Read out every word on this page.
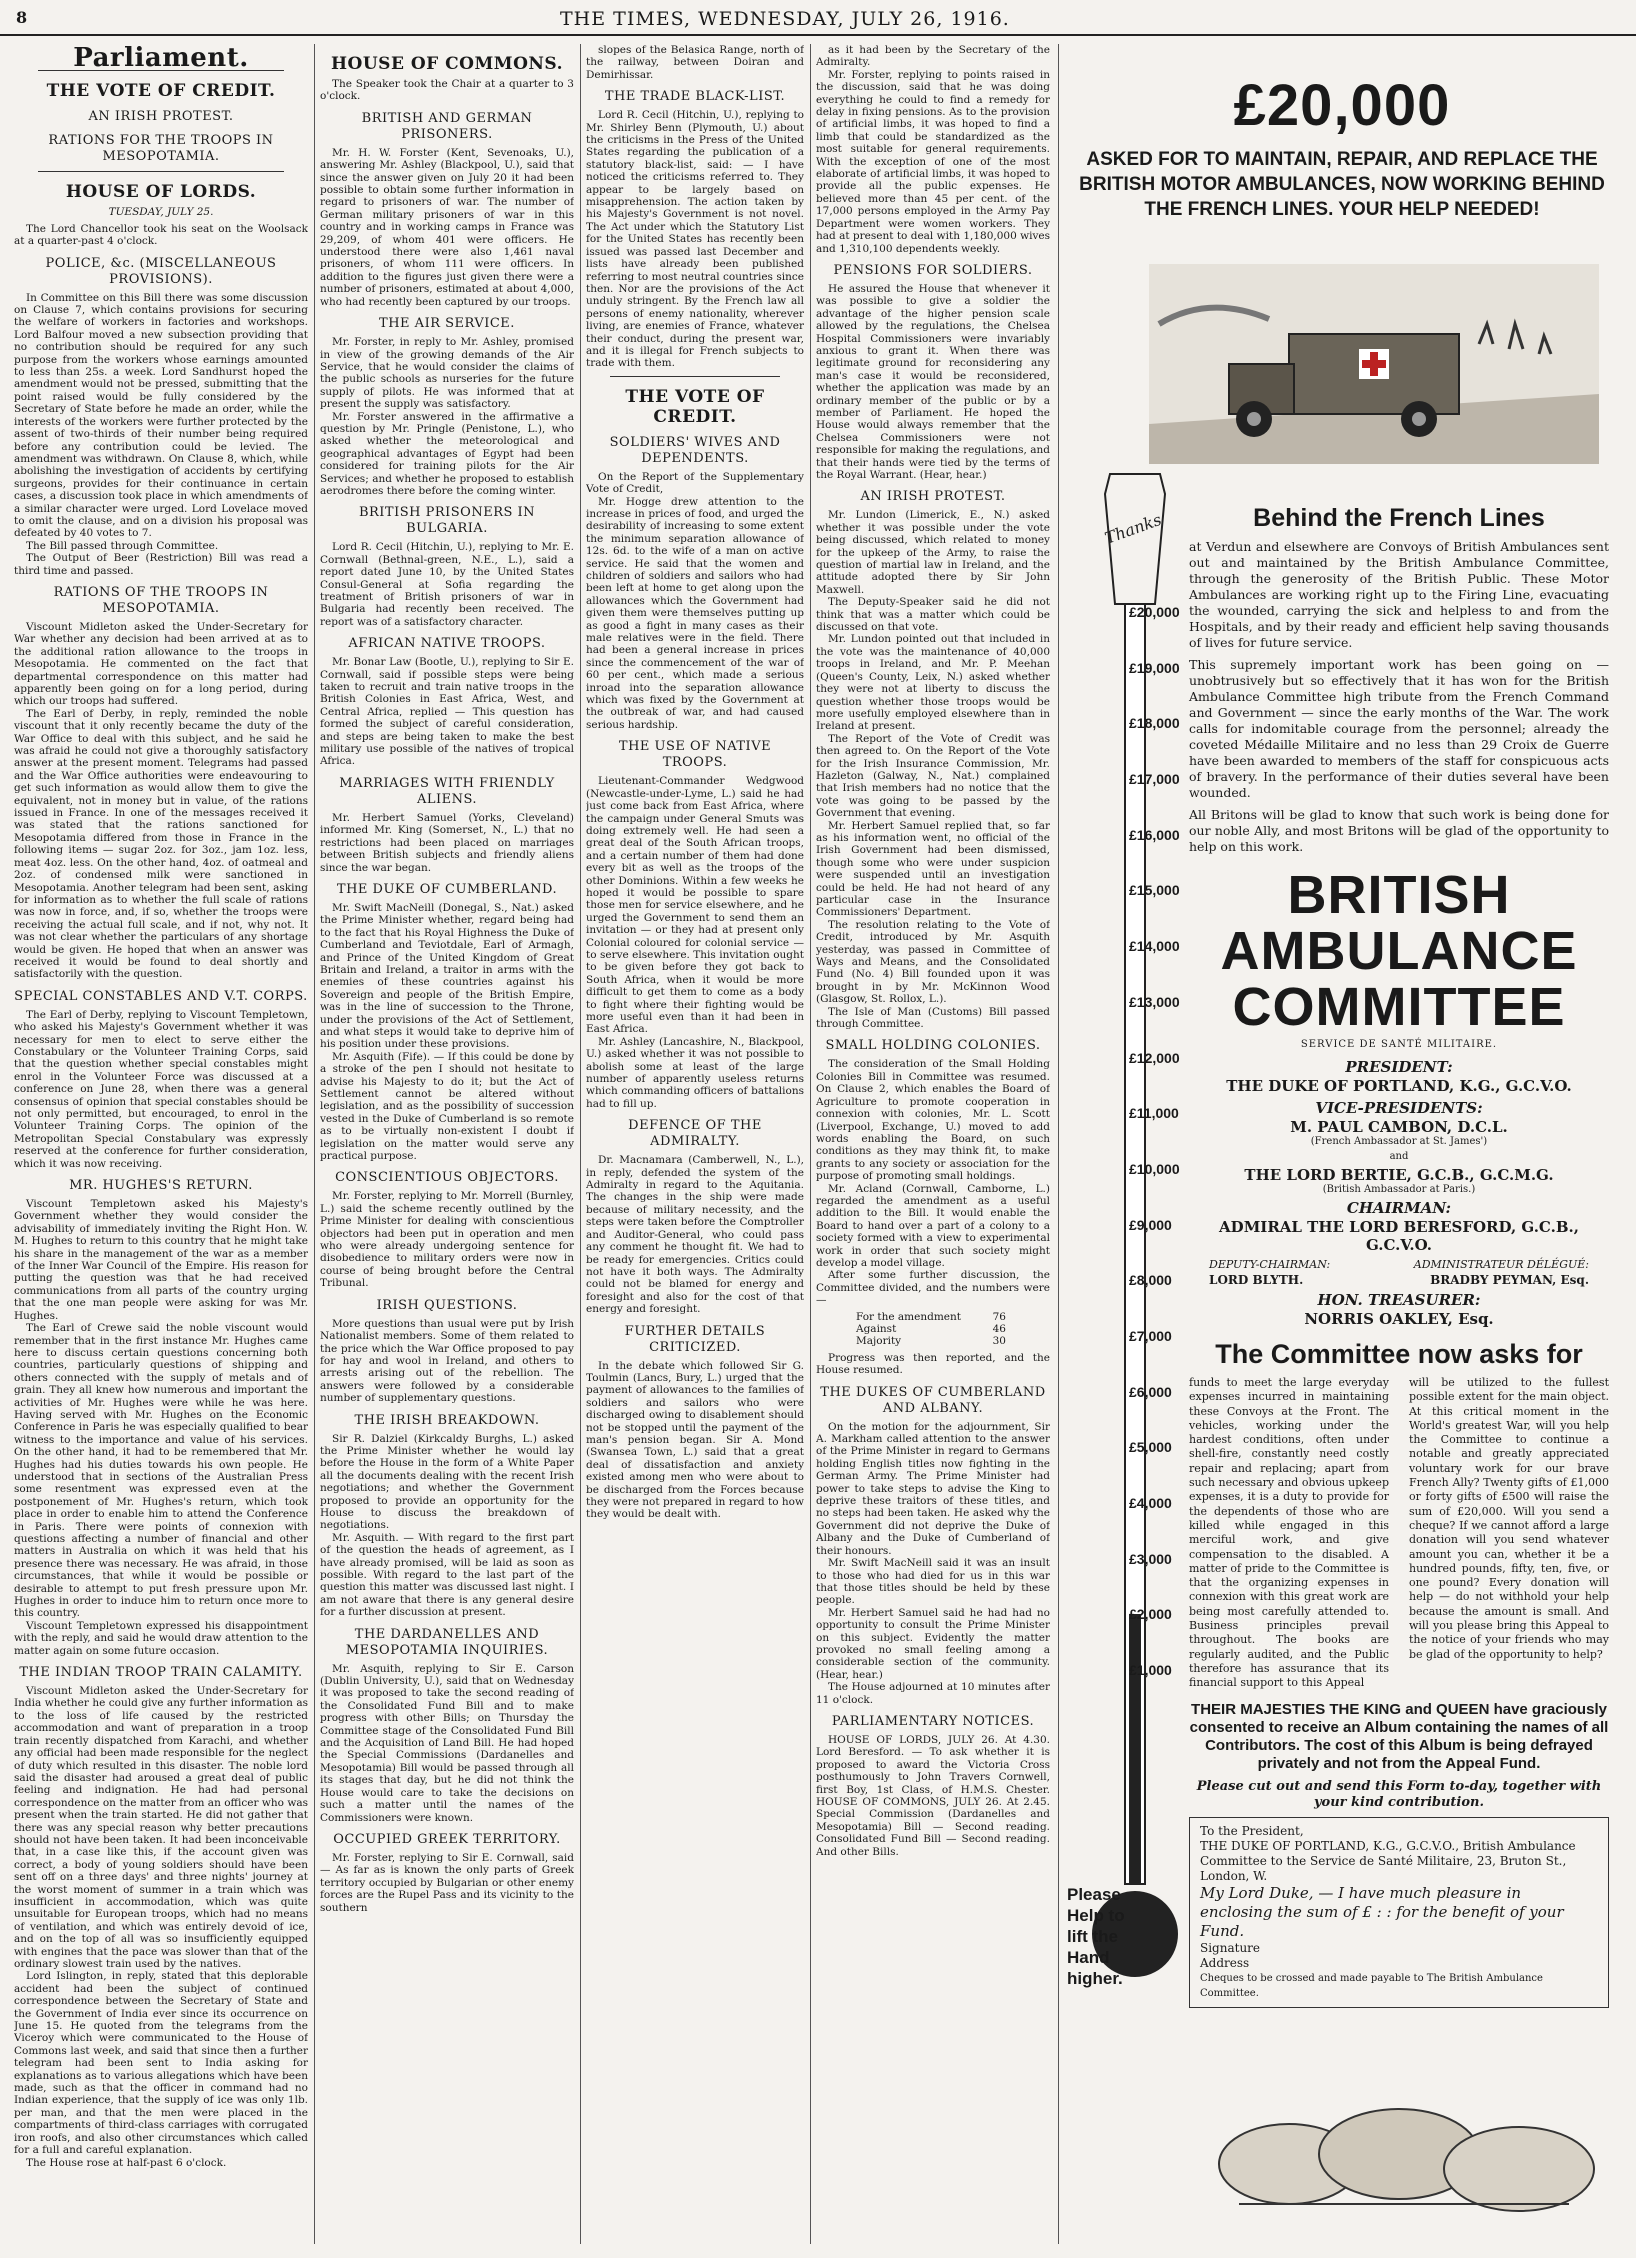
8	THE TIMES, WEDNESDAY, JULY 26, 1916.
Parliament.
THE VOTE OF CREDIT.
AN IRISH PROTEST.
RATIONS FOR THE TROOPS IN MESOPOTAMIA.
HOUSE OF LORDS.
TUESDAY, JULY 25.

The Lord Chancellor took his seat on the Woolsack at a quarter-past 4 o'clock.

POLICE, &c. (MISCELLANEOUS PROVISIONS).

In Committee on this Bill there was some discussion on Clause 7, which contains provisions for securing the welfare of workers in factories and workshops. Lord Balfour moved a new subsection providing that no contribution should be required for any such purpose from the workers whose earnings amounted to less than 25s. a week. Lord Sandhurst hoped the amendment would not be pressed, submitting that the point raised would be fully considered by the Secretary of State before he made an order, while the interests of the workers were further protected by the assent of two-thirds of their number being required before any contribution could be levied. The amendment was withdrawn. On Clause 8, which, while abolishing the investigation of accidents by certifying surgeons, provides for their continuance in certain cases, a discussion took place in which amendments of a similar character were urged. Lord Lovelace moved to omit the clause, and on a division his proposal was defeated by 40 votes to 7.

The Bill passed through Committee.

The Output of Beer (Restriction) Bill was read a third time and passed.

RATIONS OF THE TROOPS IN MESOPOTAMIA.

Viscount Midleton asked the Under-Secretary for War whether any decision had been arrived at as to the additional ration allowance to the troops in Mesopotamia. He commented on the fact that departmental correspondence on this matter had apparently been going on for a long period, during which our troops had suffered.

The Earl of Derby, in reply, reminded the noble viscount that it only recently became the duty of the War Office to deal with this subject, and he said he was afraid he could not give a thoroughly satisfactory answer at the present moment. Telegrams had passed and the War Office authorities were endeavouring to get such information as would allow them to give the equivalent, not in money but in value, of the rations issued in France. In one of the messages received it was stated that the rations sanctioned for Mesopotamia differed from those in France in the following items — sugar 2oz. for 3oz., jam 1oz. less, meat 4oz. less. On the other hand, 4oz. of oatmeal and 2oz. of condensed milk were sanctioned in Mesopotamia. Another telegram had been sent, asking for information as to whether the full scale of rations was now in force, and, if so, whether the troops were receiving the actual full scale, and if not, why not. It was not clear whether the particulars of any shortage would be given. He hoped that when an answer was received it would be found to deal shortly and satisfactorily with the question.

SPECIAL CONSTABLES AND V.T. CORPS.

The Earl of Derby, replying to Viscount Templetown, who asked his Majesty's Government whether it was necessary for men to elect to serve either the Constabulary or the Volunteer Training Corps, said that the question whether special constables might enrol in the Volunteer Force was discussed at a conference on June 28, when there was a general consensus of opinion that special constables should be not only permitted, but encouraged, to enrol in the Volunteer Training Corps. The opinion of the Metropolitan Special Constabulary was expressly reserved at the conference for further consideration, which it was now receiving.

MR. HUGHES'S RETURN.

Viscount Templetown asked his Majesty's Government whether they would consider the advisability of immediately inviting the Right Hon. W. M. Hughes to return to this country that he might take his share in the management of the war as a member of the Inner War Council of the Empire. His reason for putting the question was that he had received communications from all parts of the country urging that the one man people were asking for was Mr. Hughes.

The Earl of Crewe said the noble viscount would remember that in the first instance Mr. Hughes came here to discuss certain questions concerning both countries, particularly questions of shipping and others connected with the supply of metals and of grain. They all knew how numerous and important the activities of Mr. Hughes were while he was here. Having served with Mr. Hughes on the Economic Conference in Paris he was especially qualified to bear witness to the importance and value of his services. On the other hand, it had to be remembered that Mr. Hughes had his duties towards his own people. He understood that in sections of the Australian Press some resentment was expressed even at the postponement of Mr. Hughes's return, which took place in order to enable him to attend the Conference in Paris. There were points of connexion with questions affecting a number of financial and other matters in Australia on which it was held that his presence there was necessary. He was afraid, in those circumstances, that while it would be possible or desirable to attempt to put fresh pressure upon Mr. Hughes in order to induce him to return once more to this country.

Viscount Templetown expressed his disappointment with the reply, and said he would draw attention to the matter again on some future occasion.

THE INDIAN TROOP TRAIN CALAMITY.

Viscount Midleton asked the Under-Secretary for India whether he could give any further information as to the loss of life caused by the restricted accommodation and want of preparation in a troop train recently dispatched from Karachi, and whether any official had been made responsible for the neglect of duty which resulted in this disaster. The noble lord said the disaster had aroused a great deal of public feeling and indignation. He had had personal correspondence on the matter from an officer who was present when the train started. He did not gather that there was any special reason why better precautions should not have been taken. It had been inconceivable that, in a case like this, if the account given was correct, a body of young soldiers should have been sent off on a three days' and three nights' journey at the worst moment of summer in a train which was insufficient in accommodation, which was quite unsuitable for European troops, which had no means of ventilation, and which was entirely devoid of ice, and on the top of all was so insufficiently equipped with engines that the pace was slower than that of the ordinary slowest train used by the natives.

Lord Islington, in reply, stated that this deplorable accident had been the subject of continued correspondence between the Secretary of State and the Government of India ever since its occurrence on June 15. He quoted from the telegrams from the Viceroy which were communicated to the House of Commons last week, and said that since then a further telegram had been sent to India asking for explanations as to various allegations which have been made, such as that the officer in command had no Indian experience, that the supply of ice was only 1lb. per man, and that the men were placed in the compartments of third-class carriages with corrugated iron roofs, and also other circumstances which called for a full and careful explanation.

The House rose at half-past 6 o'clock.

HOUSE OF COMMONS.

The Speaker took the Chair at a quarter to 3 o'clock.

BRITISH AND GERMAN PRISONERS.

Mr. H. W. Forster (Kent, Sevenoaks, U.), answering Mr. Ashley (Blackpool, U.), said that since the answer given on July 20 it had been possible to obtain some further information in regard to prisoners of war. The number of German military prisoners of war in this country and in working camps in France was 29,209, of whom 401 were officers. He understood there were also 1,461 naval prisoners, of whom 111 were officers. In addition to the figures just given there were a number of prisoners, estimated at about 4,000, who had recently been captured by our troops.

THE AIR SERVICE.

Mr. Forster, in reply to Mr. Ashley, promised in view of the growing demands of the Air Service, that he would consider the claims of the public schools as nurseries for the future supply of pilots. He was informed that at present the supply was satisfactory.

Mr. Forster answered in the affirmative a question by Mr. Pringle (Penistone, L.), who asked whether the meteorological and geographical advantages of Egypt had been considered for training pilots for the Air Services; and whether he proposed to establish aerodromes there before the coming winter.

BRITISH PRISONERS IN BULGARIA.

Lord R. Cecil (Hitchin, U.), replying to Mr. E. Cornwall (Bethnal-green, N.E., L.), said a report dated June 10, by the United States Consul-General at Sofia regarding the treatment of British prisoners of war in Bulgaria had recently been received. The report was of a satisfactory character.

AFRICAN NATIVE TROOPS.

Mr. Bonar Law (Bootle, U.), replying to Sir E. Cornwall, said if possible steps were being taken to recruit and train native troops in the British Colonies in East Africa, West, and Central Africa, replied — This question has formed the subject of careful consideration, and steps are being taken to make the best military use possible of the natives of tropical Africa.

MARRIAGES WITH FRIENDLY ALIENS.

Mr. Herbert Samuel (Yorks, Cleveland) informed Mr. King (Somerset, N., L.) that no restrictions had been placed on marriages between British subjects and friendly aliens since the war began.

THE DUKE OF CUMBERLAND.

Mr. Swift MacNeill (Donegal, S., Nat.) asked the Prime Minister whether, regard being had to the fact that his Royal Highness the Duke of Cumberland and Teviotdale, Earl of Armagh, and Prince of the United Kingdom of Great Britain and Ireland, a traitor in arms with the enemies of these countries against his Sovereign and people of the British Empire, was in the line of succession to the Throne, under the provisions of the Act of Settlement, and what steps it would take to deprive him of his position under these provisions.

Mr. Asquith (Fife). — If this could be done by a stroke of the pen I should not hesitate to advise his Majesty to do it; but the Act of Settlement cannot be altered without legislation, and as the possibility of succession vested in the Duke of Cumberland is so remote as to be virtually non-existent I doubt if legislation on the matter would serve any practical purpose.

CONSCIENTIOUS OBJECTORS.

Mr. Forster, replying to Mr. Morrell (Burnley, L.) said the scheme recently outlined by the Prime Minister for dealing with conscientious objectors had been put in operation and men who were already undergoing sentence for disobedience to military orders were now in course of being brought before the Central Tribunal.

IRISH QUESTIONS.

More questions than usual were put by Irish Nationalist members. Some of them related to the price which the War Office proposed to pay for hay and wool in Ireland, and others to arrests arising out of the rebellion. The answers were followed by a considerable number of supplementary questions.

THE IRISH BREAKDOWN.

Sir R. Dalziel (Kirkcaldy Burghs, L.) asked the Prime Minister whether he would lay before the House in the form of a White Paper all the documents dealing with the recent Irish negotiations; and whether the Government proposed to provide an opportunity for the House to discuss the breakdown of negotiations.

Mr. Asquith. — With regard to the first part of the question the heads of agreement, as I have already promised, will be laid as soon as possible. With regard to the last part of the question this matter was discussed last night. I am not aware that there is any general desire for a further discussion at present.

THE DARDANELLES AND MESOPOTAMIA INQUIRIES.

Mr. Asquith, replying to Sir E. Carson (Dublin University, U.), said that on Wednesday it was proposed to take the second reading of the Consolidated Fund Bill and to make progress with other Bills; on Thursday the Committee stage of the Consolidated Fund Bill and the Acquisition of Land Bill. He had hoped the Special Commissions (Dardanelles and Mesopotamia) Bill would be passed through all its stages that day, but he did not think the House would care to take the decisions on such a matter until the names of the Commissioners were known.

OCCUPIED GREEK TERRITORY.

Mr. Forster, replying to Sir E. Cornwall, said — As far as is known the only parts of Greek territory occupied by Bulgarian or other enemy forces are the Rupel Pass and its vicinity to the southern

slopes of the Belasica Range, north of the railway, between Doiran and Demirhissar.

THE TRADE BLACK-LIST.

Lord R. Cecil (Hitchin, U.), replying to Mr. Shirley Benn (Plymouth, U.) about the criticisms in the Press of the United States regarding the publication of a statutory black-list, said: — I have noticed the criticisms referred to. They appear to be largely based on misapprehension. The action taken by his Majesty's Government is not novel. The Act under which the Statutory List for the United States has recently been issued was passed last December and lists have already been published referring to most neutral countries since then. Nor are the provisions of the Act unduly stringent. By the French law all persons of enemy nationality, wherever living, are enemies of France, whatever their conduct, during the present war, and it is illegal for French subjects to trade with them.

THE VOTE OF CREDIT.
SOLDIERS' WIVES AND DEPENDENTS.

On the Report of the Supplementary Vote of Credit,

Mr. Hogge drew attention to the increase in prices of food, and urged the desirability of increasing to some extent the minimum separation allowance of 12s. 6d. to the wife of a man on active service. He said that the women and children of soldiers and sailors who had been left at home to get along upon the allowances which the Government had given them were themselves putting up as good a fight in many cases as their male relatives were in the field. There had been a general increase in prices since the commencement of the war of 60 per cent., which made a serious inroad into the separation allowance which was fixed by the Government at the outbreak of war, and had caused serious hardship.

THE USE OF NATIVE TROOPS.

Lieutenant-Commander Wedgwood (Newcastle-under-Lyme, L.) said he had just come back from East Africa, where the campaign under General Smuts was doing extremely well. He had seen a great deal of the South African troops, and a certain number of them had done every bit as well as the troops of the other Dominions. Within a few weeks he hoped it would be possible to spare those men for service elsewhere, and he urged the Government to send them an invitation — or they had at present only Colonial coloured for colonial service — to serve elsewhere. This invitation ought to be given before they got back to South Africa, when it would be more difficult to get them to come as a body to fight where their fighting would be more useful even than it had been in East Africa.

Mr. Ashley (Lancashire, N., Blackpool, U.) asked whether it was not possible to abolish some at least of the large number of apparently useless returns which commanding officers of battalions had to fill up.

DEFENCE OF THE ADMIRALTY.

Dr. Macnamara (Camberwell, N., L.), in reply, defended the system of the Admiralty in regard to the Aquitania. The changes in the ship were made because of military necessity, and the steps were taken before the Comptroller and Auditor-General, who could pass any comment he thought fit. We had to be ready for emergencies. Critics could not have it both ways. The Admiralty could not be blamed for energy and foresight and also for the cost of that energy and foresight.

FURTHER DETAILS CRITICIZED.

In the debate which followed Sir G. Toulmin (Lancs, Bury, L.) urged that the payment of allowances to the families of soldiers and sailors who were discharged owing to disablement should not be stopped until the payment of the man's pension began. Sir A. Mond (Swansea Town, L.) said that a great deal of dissatisfaction and anxiety existed among men who were about to be discharged from the Forces because they were not prepared in regard to how they would be dealt with.

as it had been by the Secretary of the Admiralty.

Mr. Forster, replying to points raised in the discussion, said that he was doing everything he could to find a remedy for delay in fixing pensions. As to the provision of artificial limbs, it was hoped to find a limb that could be standardized as the most suitable for general requirements. With the exception of one of the most elaborate of artificial limbs, it was hoped to provide all the public expenses. He believed more than 45 per cent. of the 17,000 persons employed in the Army Pay Department were women workers. They had at present to deal with 1,180,000 wives and 1,310,100 dependents weekly.

PENSIONS FOR SOLDIERS.

He assured the House that whenever it was possible to give a soldier the advantage of the higher pension scale allowed by the regulations, the Chelsea Hospital Commissioners were invariably anxious to grant it. When there was legitimate ground for reconsidering any man's case it would be reconsidered, whether the application was made by an ordinary member of the public or by a member of Parliament. He hoped the House would always remember that the Chelsea Commissioners were not responsible for making the regulations, and that their hands were tied by the terms of the Royal Warrant. (Hear, hear.)

AN IRISH PROTEST.

Mr. Lundon (Limerick, E., N.) asked whether it was possible under the vote being discussed, which related to money for the upkeep of the Army, to raise the question of martial law in Ireland, and the attitude adopted there by Sir John Maxwell.

The Deputy-Speaker said he did not think that was a matter which could be discussed on that vote.

Mr. Lundon pointed out that included in the vote was the maintenance of 40,000 troops in Ireland, and Mr. P. Meehan (Queen's County, Leix, N.) asked whether they were not at liberty to discuss the question whether those troops would be more usefully employed elsewhere than in Ireland at present.

The Report of the Vote of Credit was then agreed to. On the Report of the Vote for the Irish Insurance Commission, Mr. Hazleton (Galway, N., Nat.) complained that Irish members had no notice that the vote was going to be passed by the Government that evening.

Mr. Herbert Samuel replied that, so far as his information went, no official of the Irish Government had been dismissed, though some who were under suspicion were suspended until an investigation could be held. He had not heard of any particular case in the Insurance Commissioners' Department.

The resolution relating to the Vote of Credit, introduced by Mr. Asquith yesterday, was passed in Committee of Ways and Means, and the Consolidated Fund (No. 4) Bill founded upon it was brought in by Mr. McKinnon Wood (Glasgow, St. Rollox, L.).

The Isle of Man (Customs) Bill passed through Committee.

SMALL HOLDING COLONIES.

The consideration of the Small Holding Colonies Bill in Committee was resumed. On Clause 2, which enables the Board of Agriculture to promote cooperation in connexion with colonies, Mr. L. Scott (Liverpool, Exchange, U.) moved to add words enabling the Board, on such conditions as they may think fit, to make grants to any society or association for the purpose of promoting small holdings.

Mr. Acland (Cornwall, Camborne, L.) regarded the amendment as a useful addition to the Bill. It would enable the Board to hand over a part of a colony to a society formed with a view to experimental work in order that such society might develop a model village.

After some further discussion, the Committee divided, and the numbers were —

For the amendment	76
Against	46
Majority	30

Progress was then reported, and the House resumed.

THE DUKES OF CUMBERLAND AND ALBANY.

On the motion for the adjournment, Sir A. Markham called attention to the answer of the Prime Minister in regard to Germans holding English titles now fighting in the German Army. The Prime Minister had power to take steps to advise the King to deprive these traitors of these titles, and no steps had been taken. He asked why the Government did not deprive the Duke of Albany and the Duke of Cumberland of their honours.

Mr. Swift MacNeill said it was an insult to those who had died for us in this war that those titles should be held by these people.

Mr. Herbert Samuel said he had had no opportunity to consult the Prime Minister on this subject. Evidently the matter provoked no small feeling among a considerable section of the community. (Hear, hear.)

The House adjourned at 10 minutes after 11 o'clock.

PARLIAMENTARY NOTICES.

HOUSE OF LORDS, JULY 26. At 4.30. Lord Beresford. — To ask whether it is proposed to award the Victoria Cross posthumously to John Travers Cornwell, first Boy, 1st Class, of H.M.S. Chester. HOUSE OF COMMONS, JULY 26. At 2.45. Special Commission (Dardanelles and Mesopotamia) Bill — Second reading. Consolidated Fund Bill — Second reading. And other Bills.

£20,000
ASKED FOR TO MAINTAIN, REPAIR, AND REPLACE THE BRITISH MOTOR AMBULANCES, NOW WORKING BEHIND THE FRENCH LINES. YOUR HELP NEEDED!
Thanks
£20,000
£19,000
£18,000
£17,000
£16,000
£15,000
£14,000
£13,000
£12,000
£11,000
£10,000
£9,000
£8,000
£7,000
£6,000
£5,000
£4,000
£3,000
£2,000
£1,000
Behind the French Lines

at Verdun and elsewhere are Convoys of British Ambulances sent out and maintained by the British Ambulance Committee, through the generosity of the British Public. These Motor Ambulances are working right up to the Firing Line, evacuating the wounded, carrying the sick and helpless to and from the Hospitals, and by their ready and efficient help saving thousands of lives for future service.

This supremely important work has been going on — unobtrusively but so effectively that it has won for the British Ambulance Committee high tribute from the French Command and Government — since the early months of the War. The work calls for indomitable courage from the personnel; already the coveted Médaille Militaire and no less than 29 Croix de Guerre have been awarded to members of the staff for conspicuous acts of bravery. In the performance of their duties several have been wounded.

All Britons will be glad to know that such work is being done for our noble Ally, and most Britons will be glad of the opportunity to help on this work.

BRITISH AMBULANCE COMMITTEE
SERVICE DE SANTÉ MILITAIRE.
PRESIDENT:
THE DUKE OF PORTLAND, K.G., G.C.V.O.
VICE-PRESIDENTS:
M. PAUL CAMBON, D.C.L.
(French Ambassador at St. James')
and
THE LORD BERTIE, G.C.B., G.C.M.G.
(British Ambassador at Paris.)
CHAIRMAN:
ADMIRAL THE LORD BERESFORD, G.C.B., G.C.V.O.
DEPUTY-CHAIRMAN:	ADMINISTRATEUR DÉLÉGUÉ:
LORD BLYTH.	BRADBY PEYMAN, Esq.
HON. TREASURER:
NORRIS OAKLEY, Esq.
The Committee now asks for
funds to meet the large everyday expenses incurred in maintaining these Convoys at the Front. The vehicles, working under the hardest conditions, often under shell-fire, constantly need costly repair and replacing; apart from such necessary and obvious upkeep expenses, it is a duty to provide for the dependents of those who are killed while engaged in this merciful work, and give compensation to the disabled. A matter of pride to the Committee is that the organizing expenses in connexion with this great work are being most carefully attended to. Business principles prevail throughout. The books are regularly audited, and the Public therefore has assurance that its financial support to this Appeal
will be utilized to the fullest possible extent for the main object. At this critical moment in the World's greatest War, will you help the Committee to continue a notable and greatly appreciated voluntary work for our brave French Ally? Twenty gifts of £1,000 or forty gifts of £500 will raise the sum of £20,000. Will you send a cheque? If we cannot afford a large donation will you send whatever amount you can, whether it be a hundred pounds, fifty, ten, five, or one pound? Every donation will help — do not withhold your help because the amount is small. And will you please bring this Appeal to the notice of your friends who may be glad of the opportunity to help?
THEIR MAJESTIES THE KING and QUEEN have graciously consented to receive an Album containing the names of all Contributors. The cost of this Album is being defrayed privately and not from the Appeal Fund.
Please cut out and send this Form to-day, together with your kind contribution.
To the President,
THE DUKE OF PORTLAND, K.G., G.C.V.O., British Ambulance Committee to the Service de Santé Militaire, 23, Bruton St., London, W.
My Lord Duke, — I have much pleasure in enclosing the sum of £ : : for the benefit of your Fund.
Signature
Address
Cheques to be crossed and made payable to The British Ambulance Committee.
Please Help to lift the Hand higher.
